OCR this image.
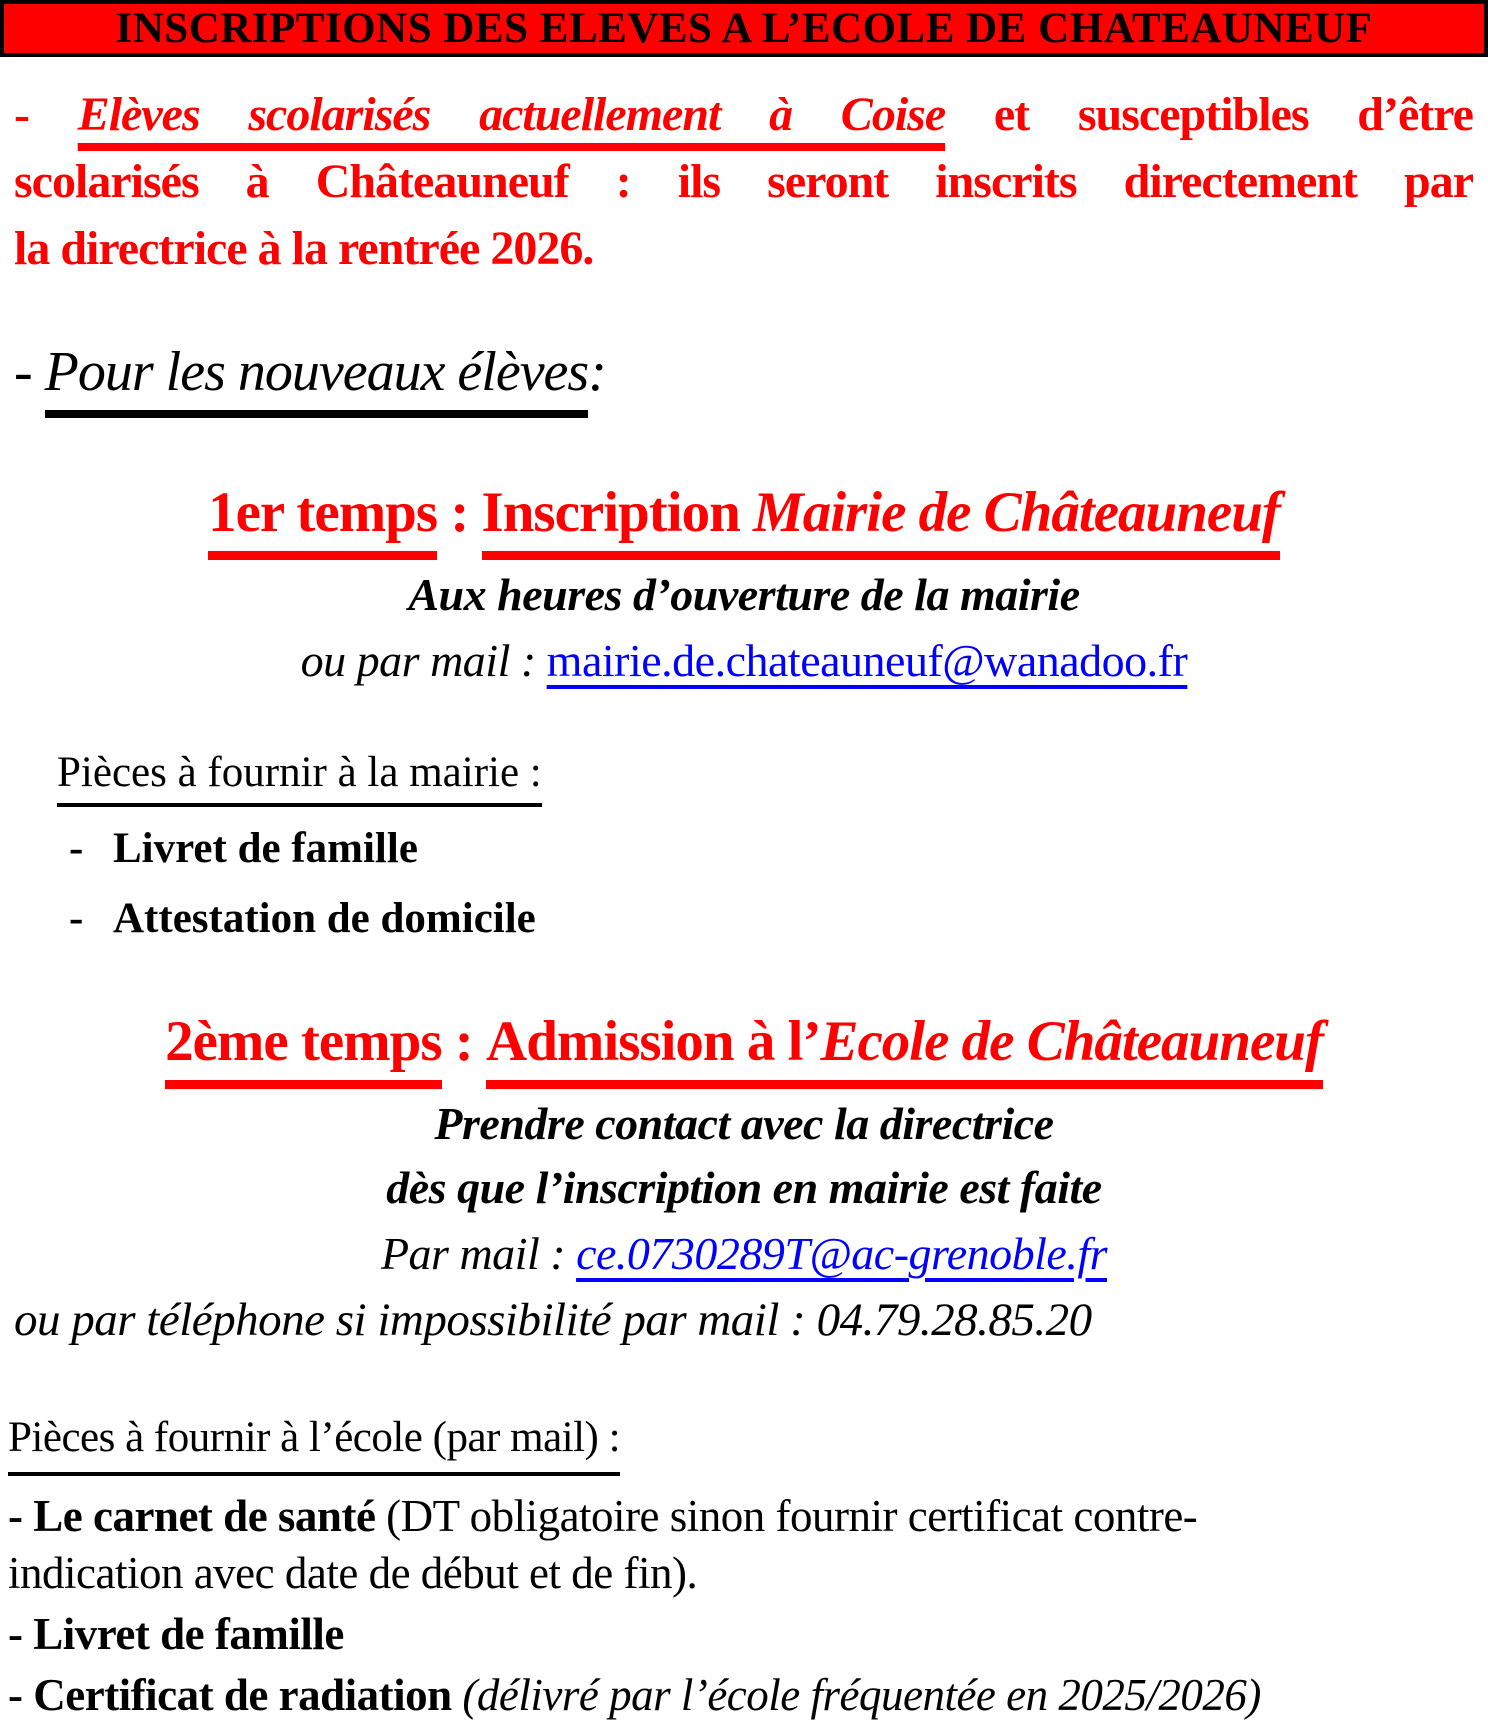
INSCRIPTIONS DES ELEVES A L’ECOLE DE CHATEAUNEUF
- Elèves scolarisés actuellement à Coise et susceptibles d’être
scolarisés à Châteauneuf : ils seront inscrits directement par
la directrice à la rentrée 2026.
- Pour les nouveaux élèves:
1er temps : Inscription Mairie de Châteauneuf
Aux heures d’ouverture de la mairie
ou par mail : mairie.de.chateauneuf@wanadoo.fr
Pièces à fournir à la mairie :
- Livret de famille
- Attestation de domicile
2ème temps : Admission à l’Ecole de Châteauneuf
Prendre contact avec la directrice
dès que l’inscription en mairie est faite
Par mail : ce.0730289T@ac-grenoble.fr
ou par téléphone si impossibilité par mail : 04.79.28.85.20
Pièces à fournir à l’école (par mail) :
- Le carnet de santé (DT obligatoire sinon fournir certificat contre-
indication avec date de début et de fin).
- Livret de famille
- Certificat de radiation (délivré par l’école fréquentée en 2025/2026)
